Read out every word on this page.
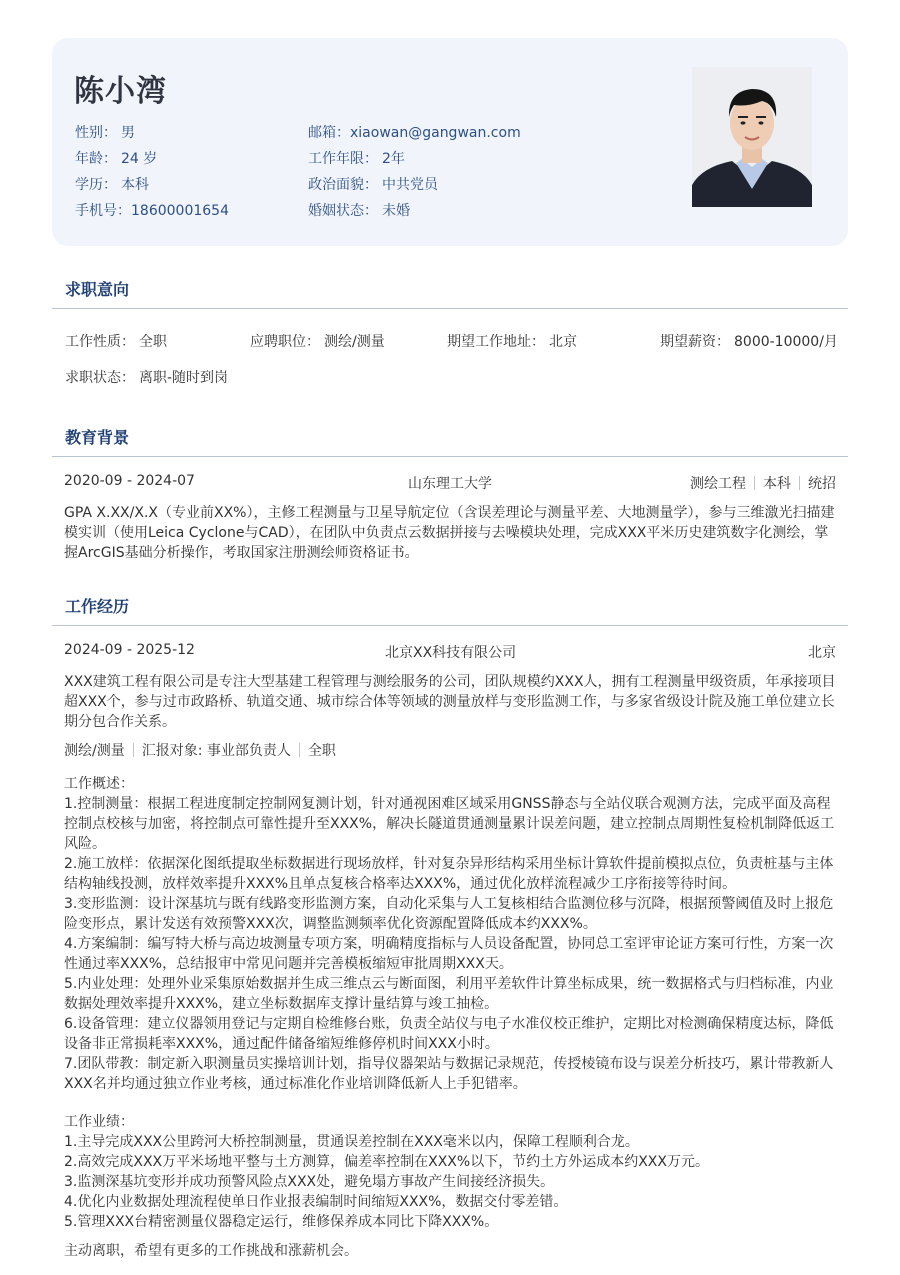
陈小湾
性别： 男
年龄： 24 岁
学历： 本科
手机号：18600001654
邮箱：xiaowan@gangwan.com
工作年限： 2年
政治面貌： 中共党员
婚姻状态： 未婚
求职意向
工作性质： 全职	应聘职位： 测绘/测量	期望工作地址： 北京	期望薪资： 8000-10000/月
求职状态： 离职-随时到岗
教育背景
2020-09 - 2024-07	山东理工大学	测绘工程 本科 统招
GPA X.XX/X.X（专业前XX%），主修工程测量与卫星导航定位（含误差理论与测量平差、大地测量学），参与三维激光扫描建模实训（使用Leica Cyclone与CAD），在团队中负责点云数据拼接与去噪模块处理，完成XXX平米历史建筑数字化测绘，掌握ArcGIS基础分析操作，考取国家注册测绘师资格证书。
工作经历
2024-09 - 2025-12	北京XX科技有限公司	北京
XXX建筑工程有限公司是专注大型基建工程管理与测绘服务的公司，团队规模约XXX人，拥有工程测量甲级资质，年承接项目超XXX个，参与过市政路桥、轨道交通、城市综合体等领域的测量放样与变形监测工作，与多家省级设计院及施工单位建立长期分包合作关系。
测绘/测量 汇报对象: 事业部负责人 全职
工作概述：
1.控制测量：根据工程进度制定控制网复测计划，针对通视困难区域采用GNSS静态与全站仪联合观测方法，完成平面及高程控制点校核与加密，将控制点可靠性提升至XXX%，解决长隧道贯通测量累计误差问题，建立控制点周期性复检机制降低返工风险。
2.施工放样：依据深化图纸提取坐标数据进行现场放样，针对复杂异形结构采用坐标计算软件提前模拟点位，负责桩基与主体结构轴线投测，放样效率提升XXX%且单点复核合格率达XXX%，通过优化放样流程减少工序衔接等待时间。
3.变形监测：设计深基坑与既有线路变形监测方案，自动化采集与人工复核相结合监测位移与沉降，根据预警阈值及时上报危险变形点，累计发送有效预警XXX次，调整监测频率优化资源配置降低成本约XXX%。
4.方案编制：编写特大桥与高边坡测量专项方案，明确精度指标与人员设备配置，协同总工室评审论证方案可行性，方案一次性通过率XXX%，总结报审中常见问题并完善模板缩短审批周期XXX天。
5.内业处理：处理外业采集原始数据并生成三维点云与断面图，利用平差软件计算坐标成果，统一数据格式与归档标准，内业数据处理效率提升XXX%，建立坐标数据库支撑计量结算与竣工抽检。
6.设备管理：建立仪器领用登记与定期自检维修台账，负责全站仪与电子水准仪校正维护，定期比对检测确保精度达标，降低设备非正常损耗率XXX%，通过配件储备缩短维修停机时间XXX小时。
7.团队带教：制定新入职测量员实操培训计划，指导仪器架站与数据记录规范，传授棱镜布设与误差分析技巧，累计带教新人XXX名并均通过独立作业考核，通过标准化作业培训降低新人上手犯错率。
工作业绩：
1.主导完成XXX公里跨河大桥控制测量，贯通误差控制在XXX毫米以内，保障工程顺利合龙。
2.高效完成XXX万平米场地平整与土方测算，偏差率控制在XXX%以下，节约土方外运成本约XXX万元。
3.监测深基坑变形并成功预警风险点XXX处，避免塌方事故产生间接经济损失。
4.优化内业数据处理流程使单日作业报表编制时间缩短XXX%，数据交付零差错。
5.管理XXX台精密测量仪器稳定运行，维修保养成本同比下降XXX%。
主动离职，希望有更多的工作挑战和涨薪机会。
